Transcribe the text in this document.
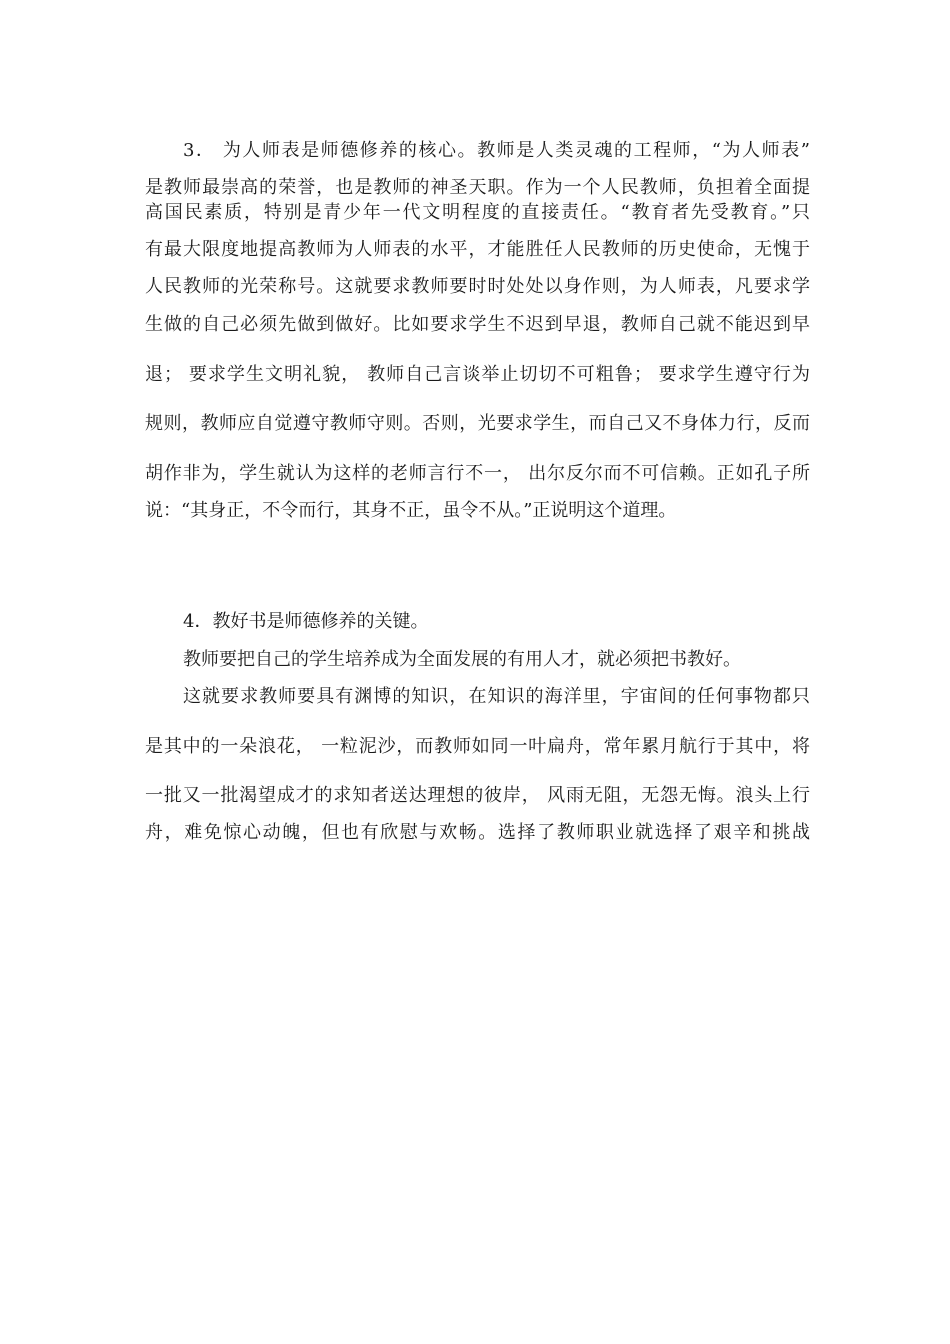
3． 为人师表是师德修养的核心。教师是人类灵魂的工程师，“为人师表”
是教师最崇高的荣誉，也是教师的神圣天职。作为一个人民教师，负担着全面提
高国民素质，特别是青少年一代文明程度的直接责任。“教育者先受教育。”只
有最大限度地提高教师为人师表的水平，才能胜任人民教师的历史使命，无愧于
人民教师的光荣称号。这就要求教师要时时处处以身作则，为人师表，凡要求学
生做的自己必须先做到做好。比如要求学生不迟到早退，教师自己就不能迟到早
退； 要求学生文明礼貌， 教师自己言谈举止切切不可粗鲁； 要求学生遵守行为
规则，教师应自觉遵守教师守则。否则，光要求学生，而自己又不身体力行，反而
胡作非为，学生就认为这样的老师言行不一， 出尔反尔而不可信赖。正如孔子所
说：“其身正，不令而行，其身不正，虽令不从。”正说明这个道理。
4．教好书是师德修养的关键。
教师要把自己的学生培养成为全面发展的有用人才，就必须把书教好。
这就要求教师要具有渊博的知识，在知识的海洋里，宇宙间的任何事物都只
是其中的一朵浪花， 一粒泥沙，而教师如同一叶扁舟，常年累月航行于其中，将
一批又一批渴望成才的求知者送达理想的彼岸， 风雨无阻，无怨无悔。浪头上行
舟，难免惊心动魄，但也有欣慰与欢畅。选择了教师职业就选择了艰辛和挑战
